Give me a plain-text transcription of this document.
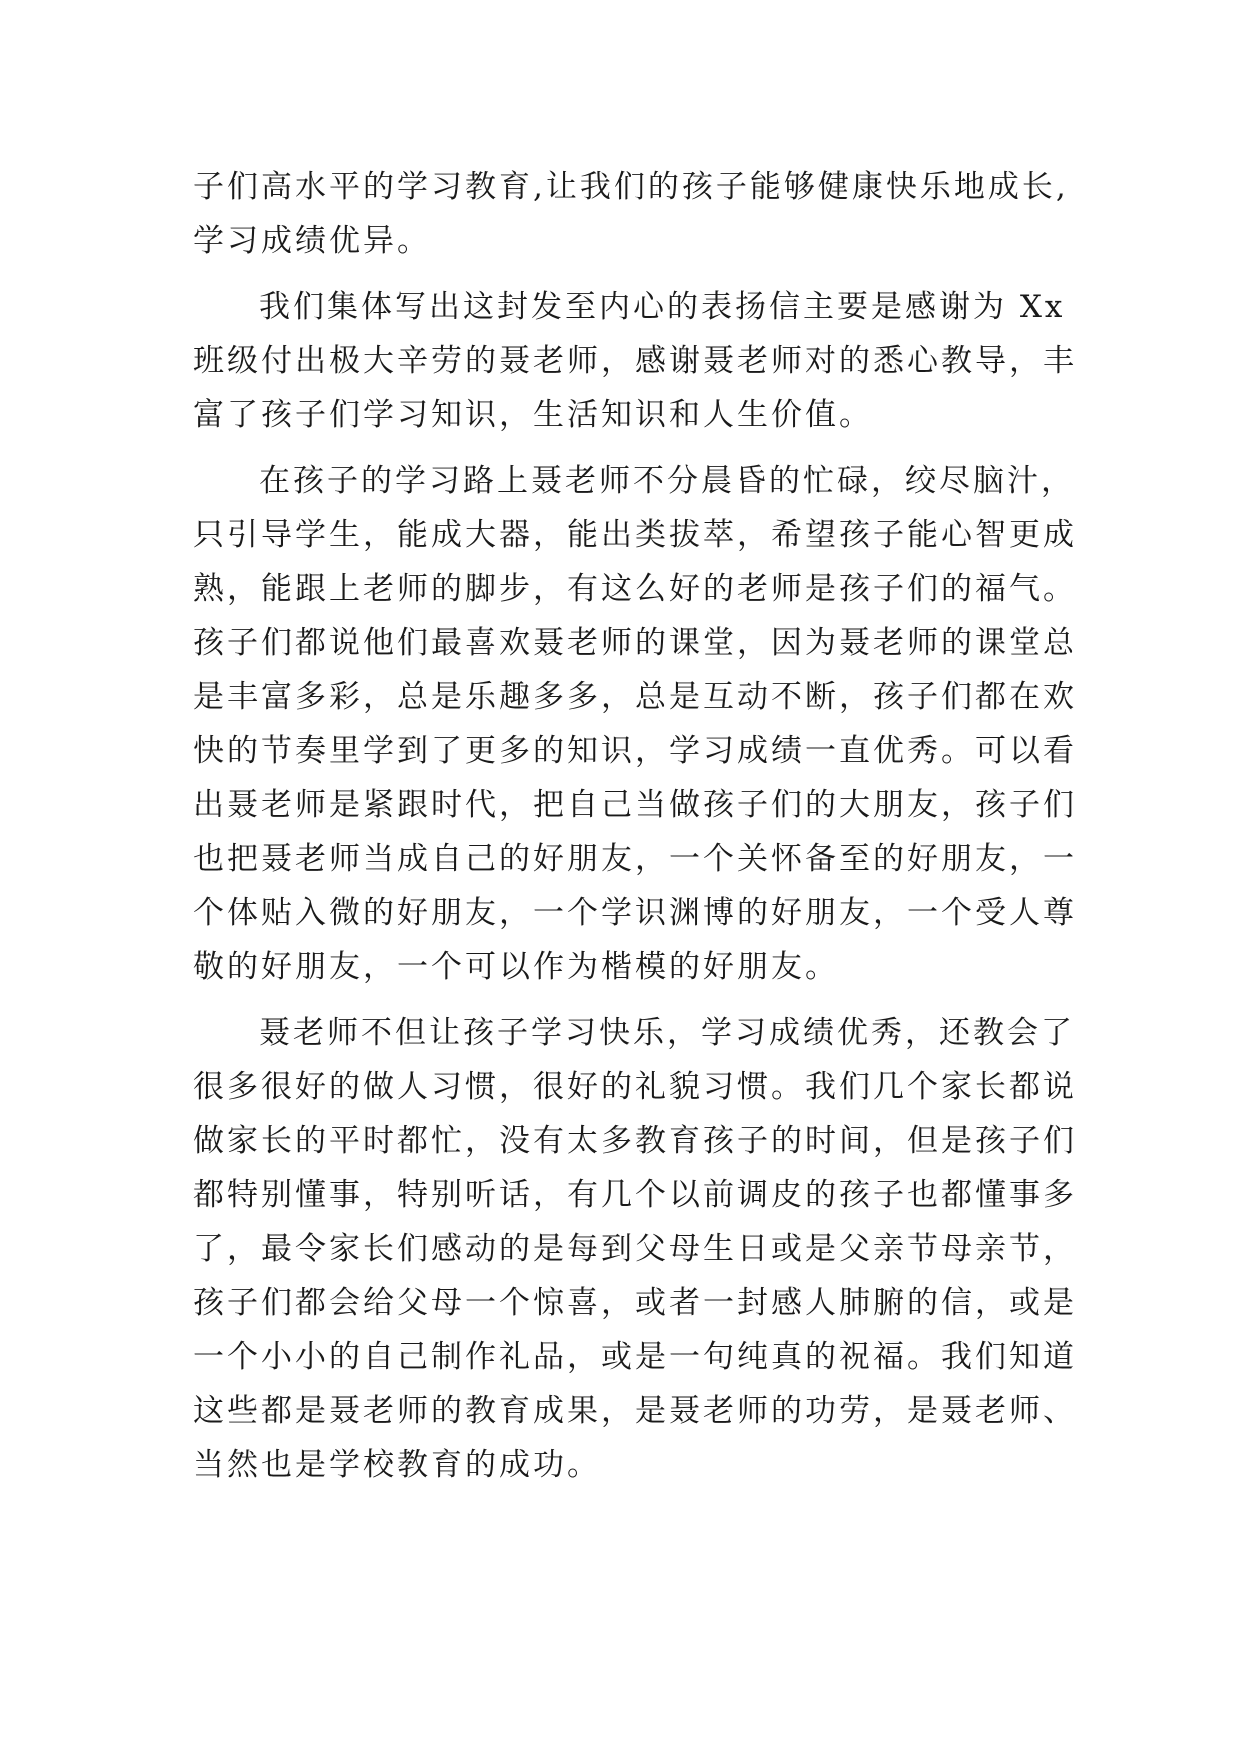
子们高水平的学习教育,让我们的孩子能够健康快乐地成长,
学习成绩优异。
我们集体写出这封发至内心的表扬信主要是感谢为 Xx
班级付出极大辛劳的聂老师，感谢聂老师对的悉心教导，丰
富了孩子们学习知识，生活知识和人生价值。
在孩子的学习路上聂老师不分晨昏的忙碌，绞尽脑汁，
只引导学生，能成大器，能出类拔萃，希望孩子能心智更成
熟，能跟上老师的脚步，有这么好的老师是孩子们的福气。
孩子们都说他们最喜欢聂老师的课堂，因为聂老师的课堂总
是丰富多彩，总是乐趣多多，总是互动不断，孩子们都在欢
快的节奏里学到了更多的知识，学习成绩一直优秀。可以看
出聂老师是紧跟时代，把自己当做孩子们的大朋友，孩子们
也把聂老师当成自己的好朋友，一个关怀备至的好朋友，一
个体贴入微的好朋友，一个学识渊博的好朋友，一个受人尊
敬的好朋友，一个可以作为楷模的好朋友。
聂老师不但让孩子学习快乐，学习成绩优秀，还教会了
很多很好的做人习惯，很好的礼貌习惯。我们几个家长都说
做家长的平时都忙，没有太多教育孩子的时间，但是孩子们
都特别懂事，特别听话，有几个以前调皮的孩子也都懂事多
了，最令家长们感动的是每到父母生日或是父亲节母亲节，
孩子们都会给父母一个惊喜，或者一封感人肺腑的信，或是
一个小小的自己制作礼品，或是一句纯真的祝福。我们知道
这些都是聂老师的教育成果，是聂老师的功劳，是聂老师、
当然也是学校教育的成功。
